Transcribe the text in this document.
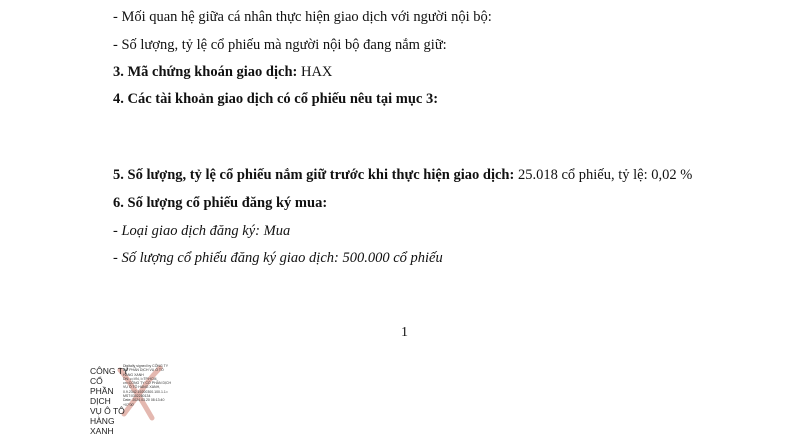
- Mối quan hệ giữa cá nhân thực hiện giao dịch với người nội bộ:
- Số lượng, tỷ lệ cổ phiếu mà người nội bộ đang nắm giữ:
3. Mã chứng khoán giao dịch: HAX
4. Các tài khoản giao dịch có cổ phiếu nêu tại mục 3:
5. Số lượng, tỷ lệ cổ phiếu nắm giữ trước khi thực hiện giao dịch: 25.018 cổ phiếu, tỷ lệ: 0,02 %
6. Số lượng cổ phiếu đăng ký mua:
- Loại giao dịch đăng ký: Mua
- Số lượng cổ phiếu đăng ký giao dịch: 500.000 cổ phiếu
1
CÔNG TY CỔ
PHẦN DỊCH
VỤ Ô TÔ
HÀNG XANH
Digitally signed by CÔNG TY
CỔ PHẦN DỊCH VỤ Ô TÔ
HÀNG XANH
DN: c=VN, l=TP.HCM,
cn=CÔNG TY CỔ PHẦN DỊCH
VỤ Ô TÔ HÀNG XANH,
0.9.2342.19200300.100.1.1=
MST:0302280134
Date: 2024.03.20 08:13:40
+07'00'
